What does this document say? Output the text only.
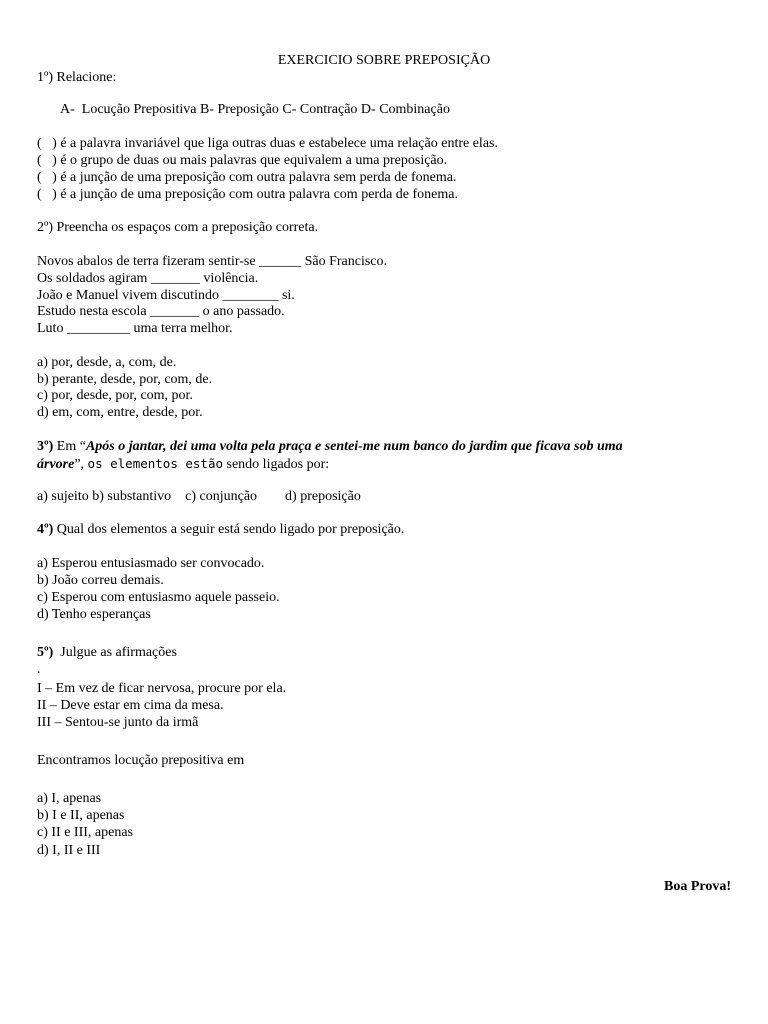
EXERCICIO SOBRE PREPOSIÇÃO
1º) Relacione:
A-  Locução Prepositiva B- Preposição C- Contração D- Combinação
(   ) é a palavra invariável que liga outras duas e estabelece uma relação entre elas.
(   ) é o grupo de duas ou mais palavras que equivalem a uma preposição.
(   ) é a junção de uma preposição com outra palavra sem perda de fonema.
(   ) é a junção de uma preposição com outra palavra com perda de fonema.
2º) Preencha os espaços com a preposição correta.
Novos abalos de terra fizeram sentir-se ______ São Francisco.
Os soldados agiram _______ violência.
João e Manuel vivem discutindo ________ si.
Estudo nesta escola _______ o ano passado.
Luto _________ uma terra melhor.
a) por, desde, a, com, de.
b) perante, desde, por, com, de.
c) por, desde, por, com, por.
d) em, com, entre, desde, por.
3º) Em “Após o jantar, dei uma volta pela praça e sentei-me num banco do jardim que ficava sob uma
árvore”, os elementos estão sendo ligados por:
a) sujeito b) substantivo    c) conjunção        d) preposição
4º) Qual dos elementos a seguir está sendo ligado por preposição.
a) Esperou entusiasmado ser convocado.
b) João correu demais.
c) Esperou com entusiasmo aquele passeio.
d) Tenho esperanças
5º)  Julgue as afirmações
.
I – Em vez de ficar nervosa, procure por ela.
II – Deve estar em cima da mesa.
III – Sentou-se junto da irmã
Encontramos locução prepositiva em
a) I, apenas
b) I e II, apenas
c) II e III, apenas
d) I, II e III
Boa Prova!
